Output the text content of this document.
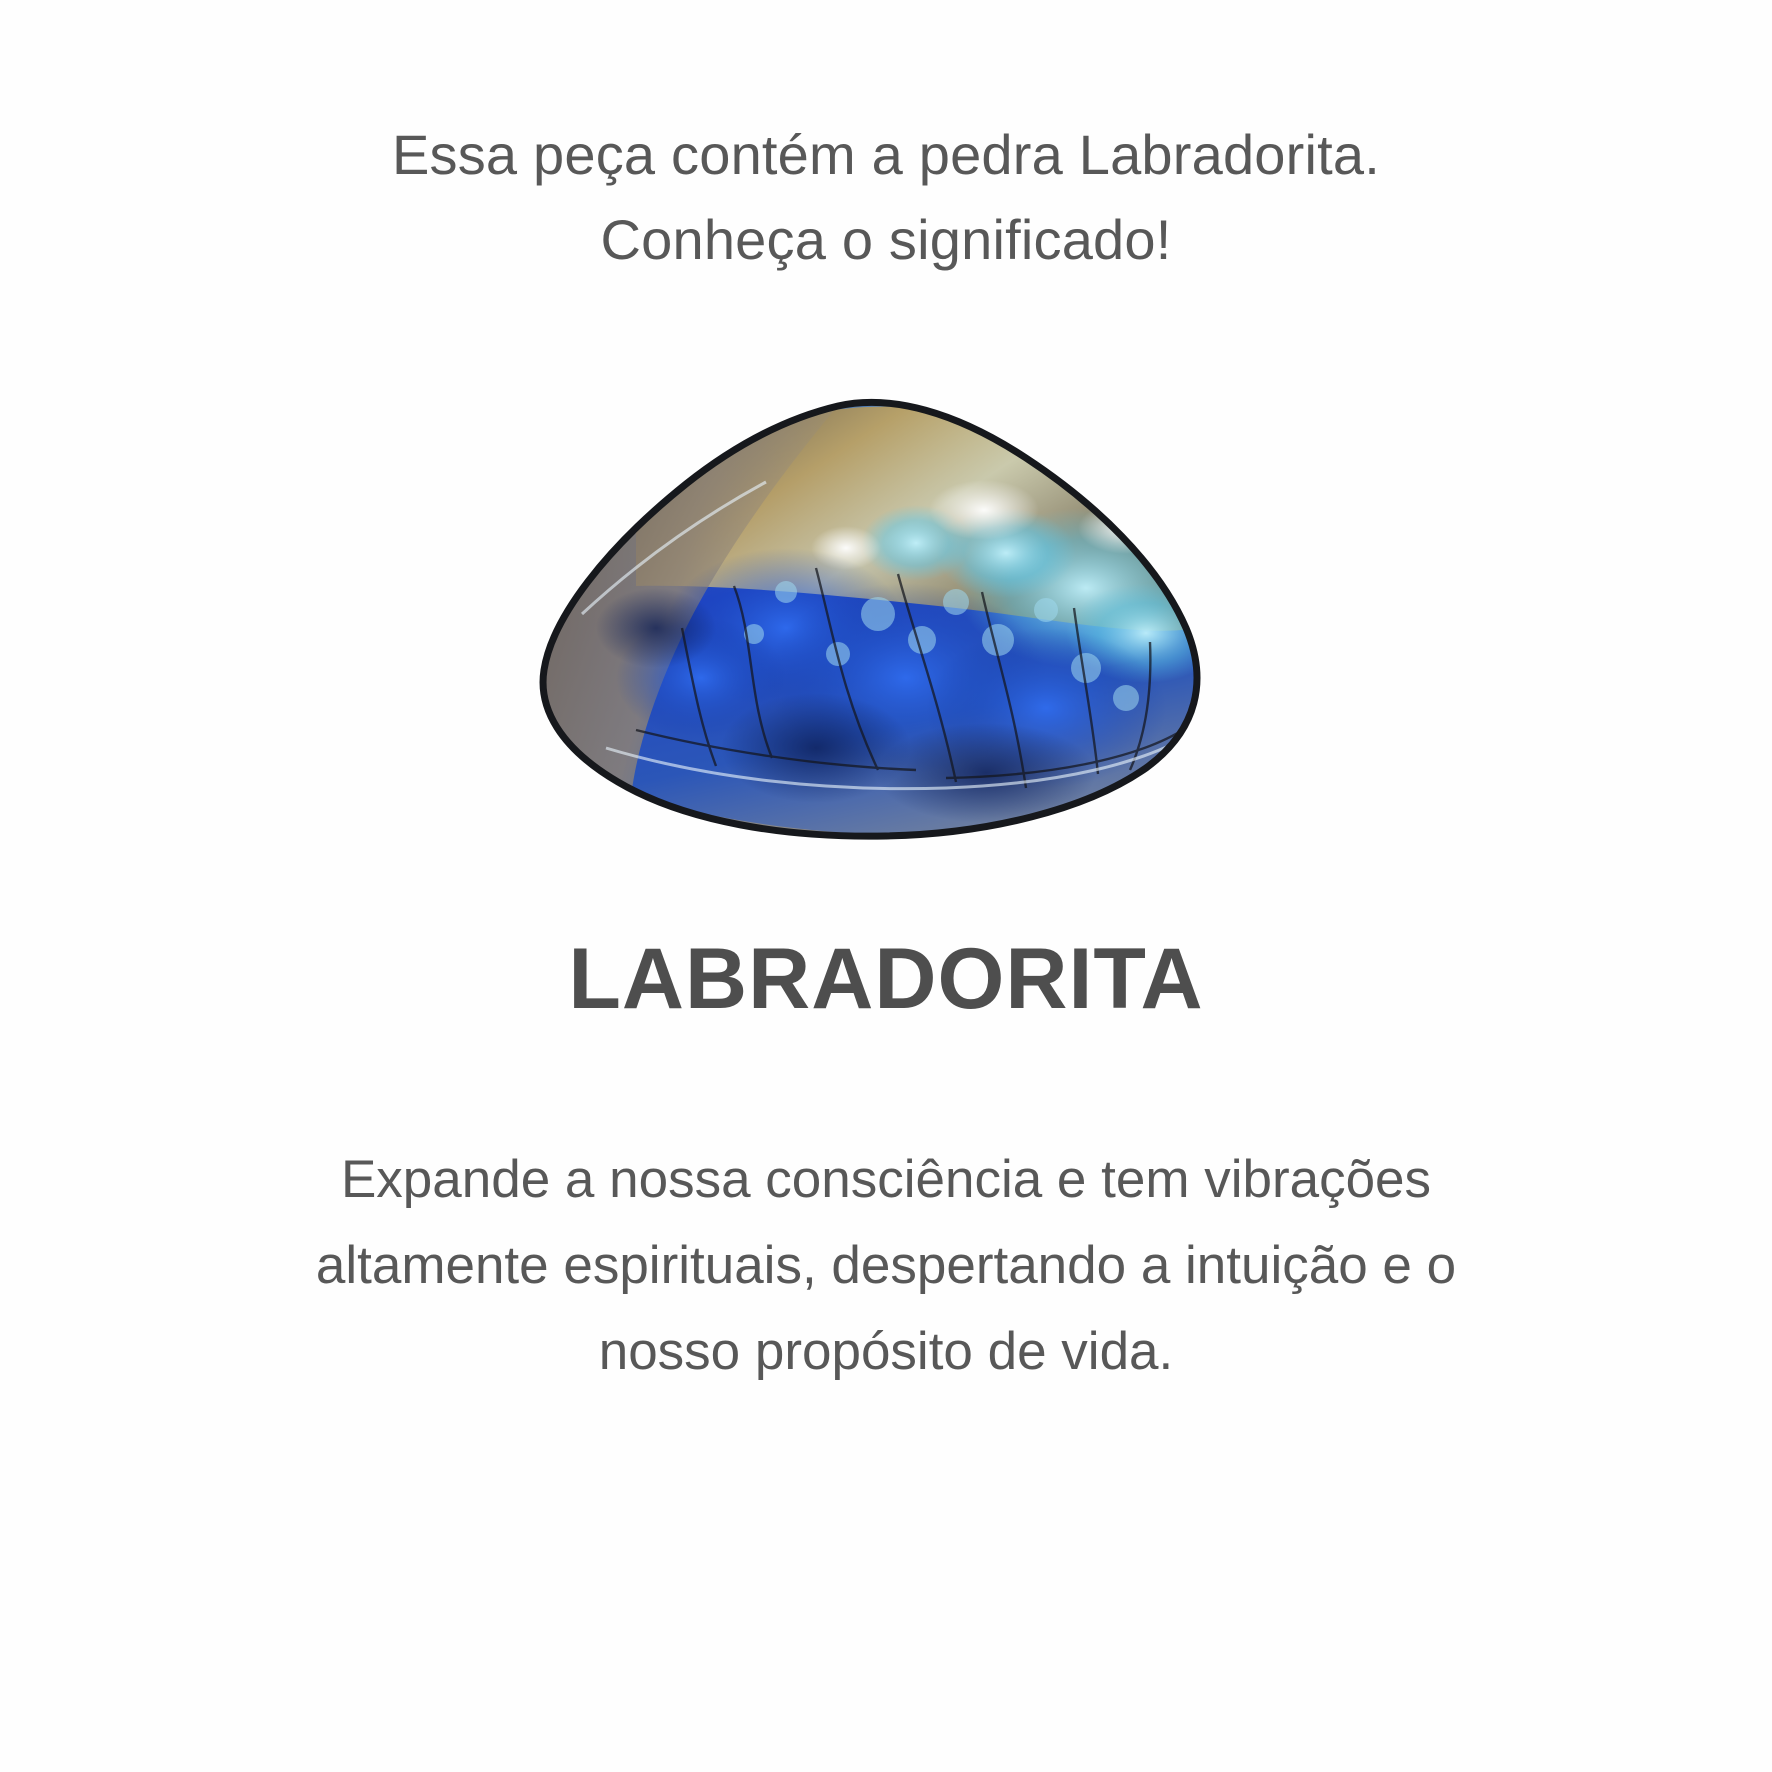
Essa peça contém a pedra Labradorita.
Conheça o significado!
LABRADORITA
Expande a nossa consciência e tem vibrações
altamente espirituais, despertando a intuição e o
nosso propósito de vida.
